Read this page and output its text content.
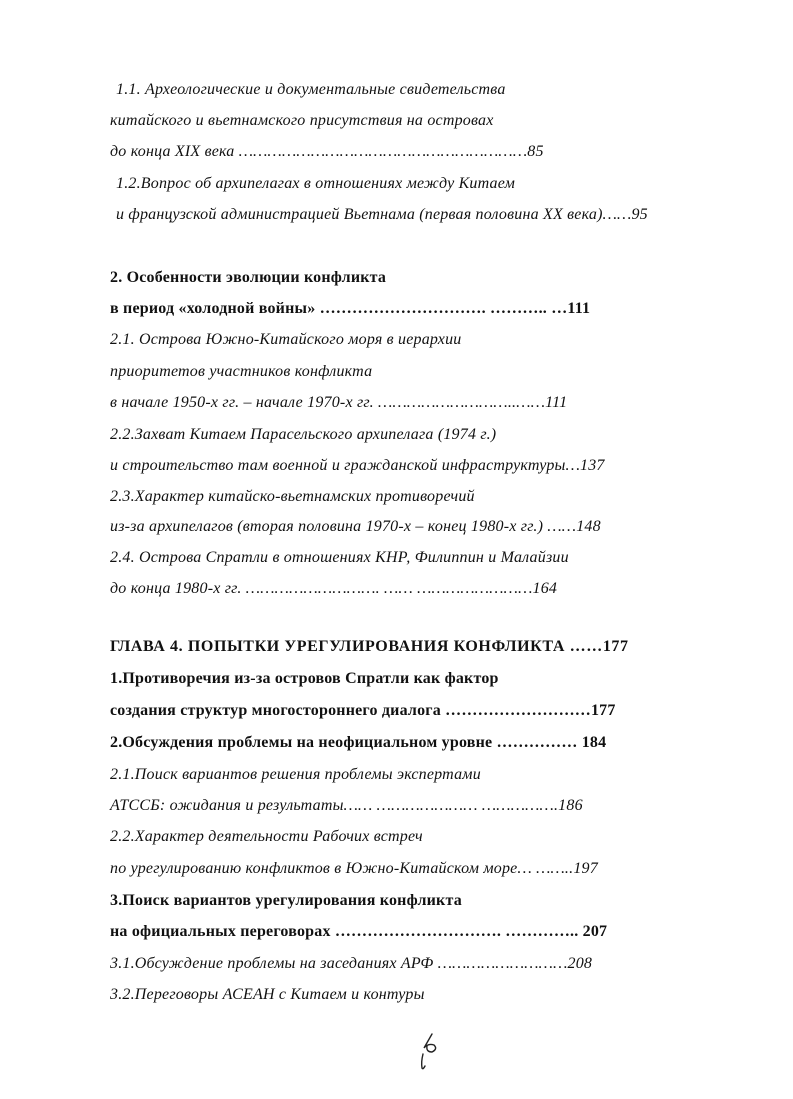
1.1. Археологические и документальные свидетельства
китайского и вьетнамского присутствия на островах
до конца XIX века ……………………………………………………85
1.2.Вопрос об архипелагах в отношениях между Китаем
и французской администрацией Вьетнама (первая половина XX века)……95
2. Особенности эволюции конфликта
в период «холодной войны» …………………………. ……….. …111
2.1. Острова Южно-Китайского моря в иерархии
приоритетов участников конфликта
в начале 1950-х гг. – начале 1970-х гг. ………………………..……111
2.2.Захват Китаем Парасельского архипелага (1974 г.)
и строительство там военной и гражданской инфраструктуры…137
2.3.Характер китайско-вьетнамских противоречий
из-за архипелагов (вторая половина 1970-х – конец 1980-х гг.) ……148
2.4. Острова Спратли в отношениях КНР, Филиппин и Малайзии
до конца 1980-х гг. ………………………. …… ……………………164
ГЛАВА 4. ПОПЫТКИ УРЕГУЛИРОВАНИЯ КОНФЛИКТА ……177
1.Противоречия из-за островов Спратли как фактор
создания структур многостороннего диалога ………………………177
2.Обсуждения проблемы на неофициальном уровне …………… 184
2.1.Поиск вариантов решения проблемы экспертами
АТССБ: ожидания и результаты…… ………………… …………….186
2.2.Характер деятельности Рабочих встреч
по урегулированию конфликтов в Южно-Китайском море… ……..197
3.Поиск вариантов урегулирования конфликта
на официальных переговорах …………………………. ………….. 207
3.1.Обсуждение проблемы на заседаниях АРФ ………………………208
3.2.Переговоры АСЕАН с Китаем и контуры
